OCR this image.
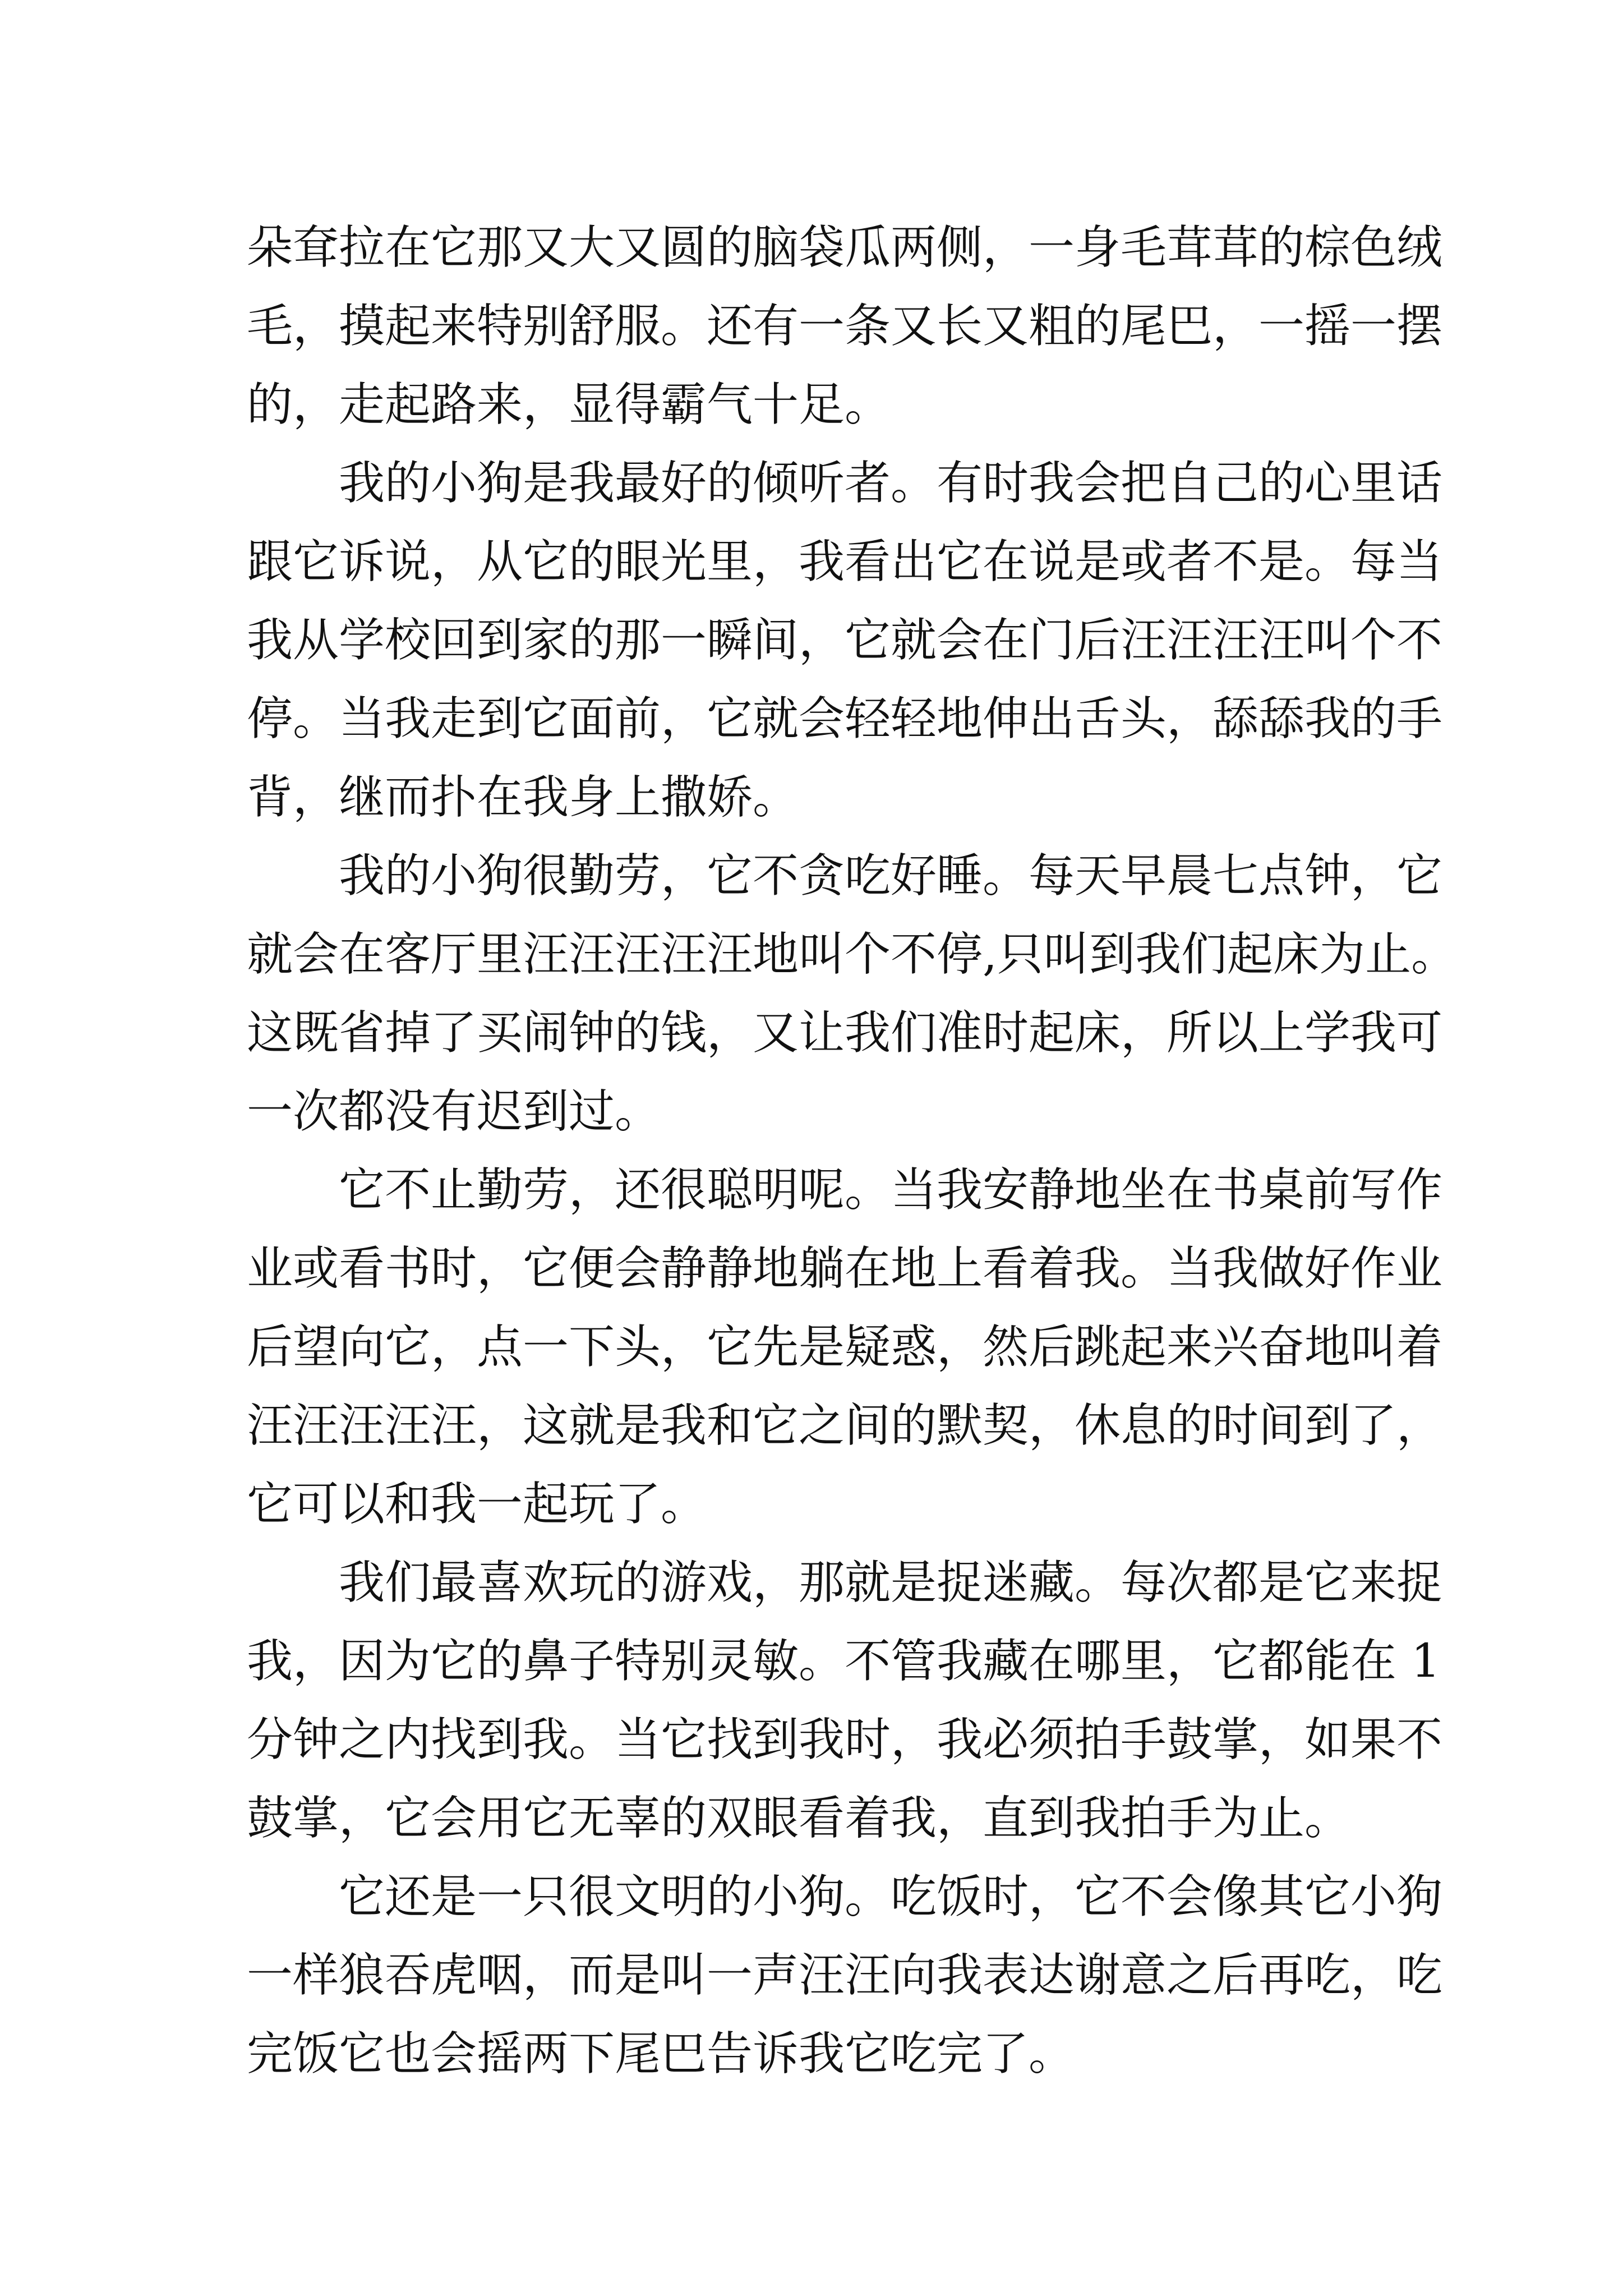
朵耷拉在它那又大又圆的脑袋瓜两侧，一身毛茸茸的棕色绒

毛，摸起来特别舒服。还有一条又长又粗的尾巴，一摇一摆

的，走起路来，显得霸气十足。

我的小狗是我最好的倾听者。有时我会把自己的心里话

跟它诉说，从它的眼光里，我看出它在说是或者不是。每当

我从学校回到家的那一瞬间，它就会在门后汪汪汪汪叫个不

停。当我走到它面前，它就会轻轻地伸出舌头，舔舔我的手

背，继而扑在我身上撒娇。

我的小狗很勤劳，它不贪吃好睡。每天早晨七点钟，它

就会在客厅里汪汪汪汪汪地叫个不停,只叫到我们起床为止。

这既省掉了买闹钟的钱，又让我们准时起床，所以上学我可

一次都没有迟到过。

它不止勤劳，还很聪明呢。当我安静地坐在书桌前写作

业或看书时，它便会静静地躺在地上看着我。当我做好作业

后望向它，点一下头，它先是疑惑，然后跳起来兴奋地叫着

汪汪汪汪汪，这就是我和它之间的默契，休息的时间到了，

它可以和我一起玩了。

我们最喜欢玩的游戏，那就是捉迷藏。每次都是它来捉

我，因为它的鼻子特别灵敏。不管我藏在哪里，它都能在 1

分钟之内找到我。当它找到我时，我必须拍手鼓掌，如果不

鼓掌，它会用它无辜的双眼看着我，直到我拍手为止。

它还是一只很文明的小狗。吃饭时，它不会像其它小狗

一样狼吞虎咽，而是叫一声汪汪向我表达谢意之后再吃，吃

完饭它也会摇两下尾巴告诉我它吃完了。
